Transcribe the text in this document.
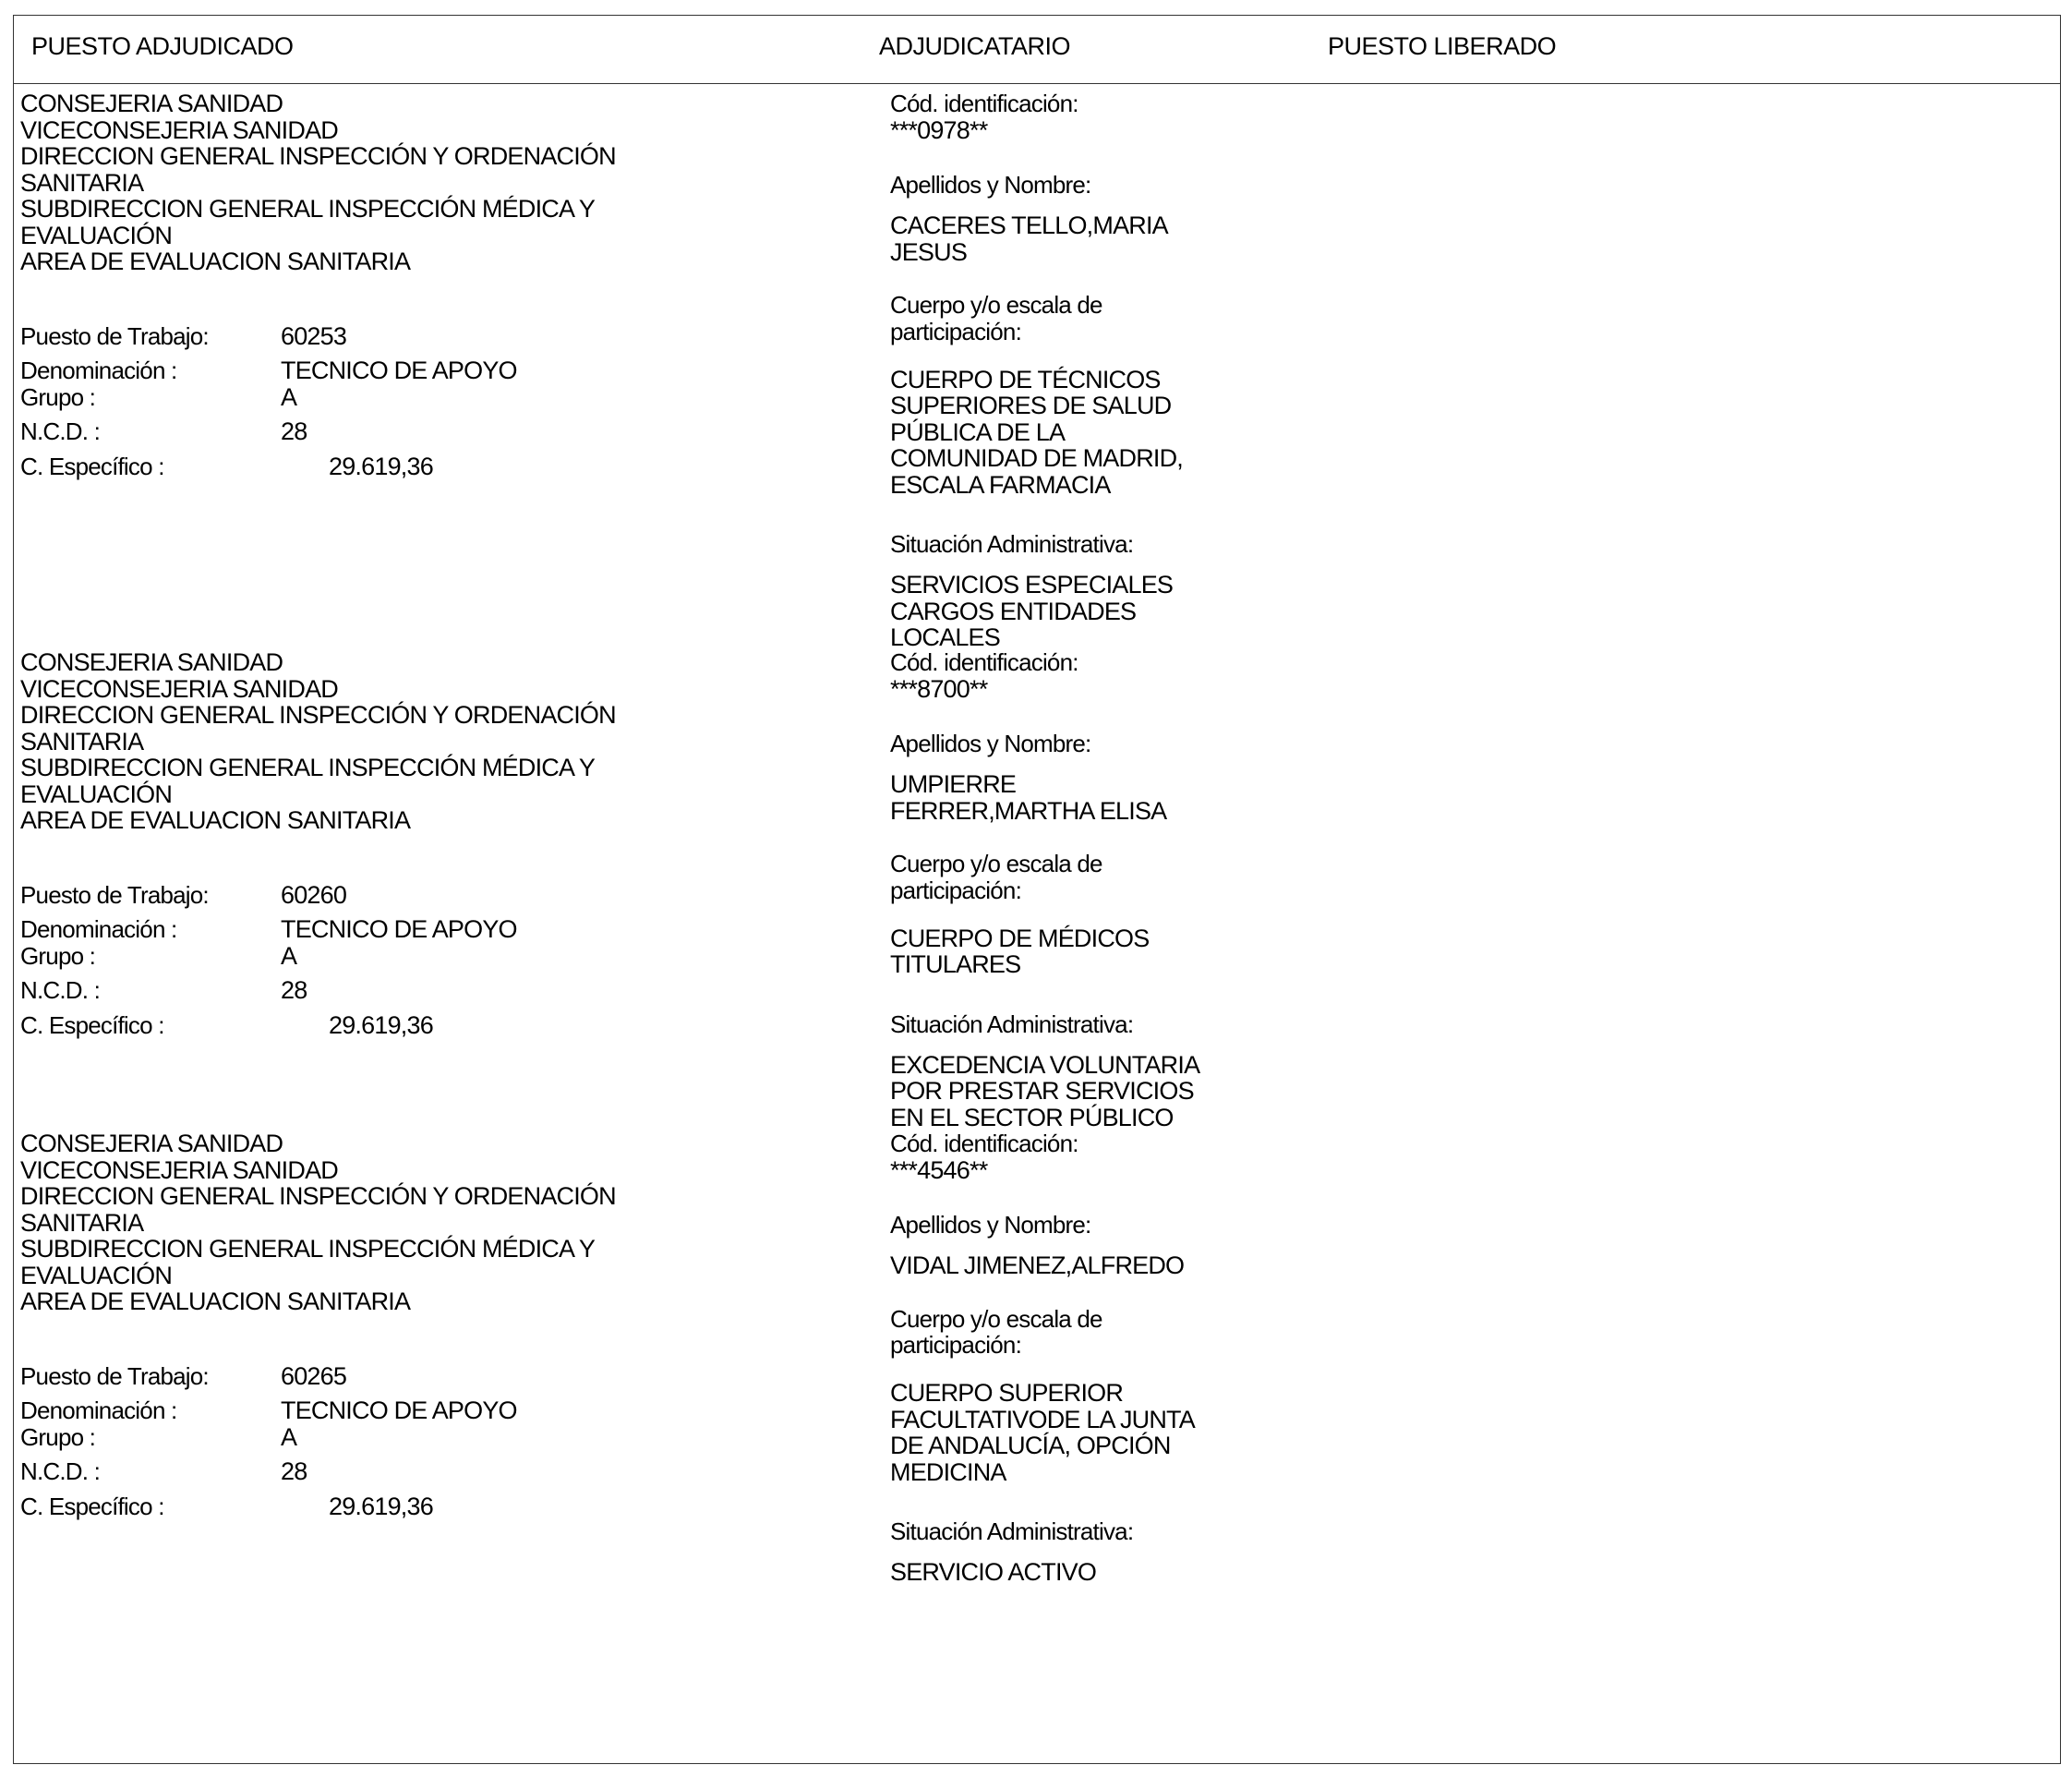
PUESTO ADJUDICADO	ADJUDICATARIO	PUESTO LIBERADO
CONSEJERIA SANIDAD
VICECONSEJERIA SANIDAD
DIRECCION GENERAL INSPECCIÓN Y ORDENACIÓN
SANITARIA
SUBDIRECCION GENERAL INSPECCIÓN MÉDICA Y
EVALUACIÓN
AREA DE EVALUACION SANITARIA
Puesto de Trabajo:	60253
Denominación :	TECNICO DE APOYO
Grupo :	A
N.C.D. :	28
C. Específico :	29.619,36
Cód. identificación:
***0978**
Apellidos y Nombre:
CACERES TELLO,MARIA
JESUS
Cuerpo y/o escala de
participación:
CUERPO DE TÉCNICOS
SUPERIORES DE SALUD
PÚBLICA DE LA
COMUNIDAD DE MADRID,
ESCALA FARMACIA
Situación Administrativa:
SERVICIOS ESPECIALES
CARGOS ENTIDADES
LOCALES
CONSEJERIA SANIDAD
VICECONSEJERIA SANIDAD
DIRECCION GENERAL INSPECCIÓN Y ORDENACIÓN
SANITARIA
SUBDIRECCION GENERAL INSPECCIÓN MÉDICA Y
EVALUACIÓN
AREA DE EVALUACION SANITARIA
Puesto de Trabajo:	60260
Denominación :	TECNICO DE APOYO
Grupo :	A
N.C.D. :	28
C. Específico :	29.619,36
Cód. identificación:
***8700**
Apellidos y Nombre:
UMPIERRE
FERRER,MARTHA ELISA
Cuerpo y/o escala de
participación:
CUERPO DE MÉDICOS
TITULARES
Situación Administrativa:
EXCEDENCIA VOLUNTARIA
POR PRESTAR SERVICIOS
EN EL SECTOR PÚBLICO
CONSEJERIA SANIDAD
VICECONSEJERIA SANIDAD
DIRECCION GENERAL INSPECCIÓN Y ORDENACIÓN
SANITARIA
SUBDIRECCION GENERAL INSPECCIÓN MÉDICA Y
EVALUACIÓN
AREA DE EVALUACION SANITARIA
Puesto de Trabajo:	60265
Denominación :	TECNICO DE APOYO
Grupo :	A
N.C.D. :	28
C. Específico :	29.619,36
Cód. identificación:
***4546**
Apellidos y Nombre:
VIDAL JIMENEZ,ALFREDO
Cuerpo y/o escala de
participación:
CUERPO SUPERIOR
FACULTATIVODE LA JUNTA
DE ANDALUCÍA, OPCIÓN
MEDICINA
Situación Administrativa:
SERVICIO ACTIVO
